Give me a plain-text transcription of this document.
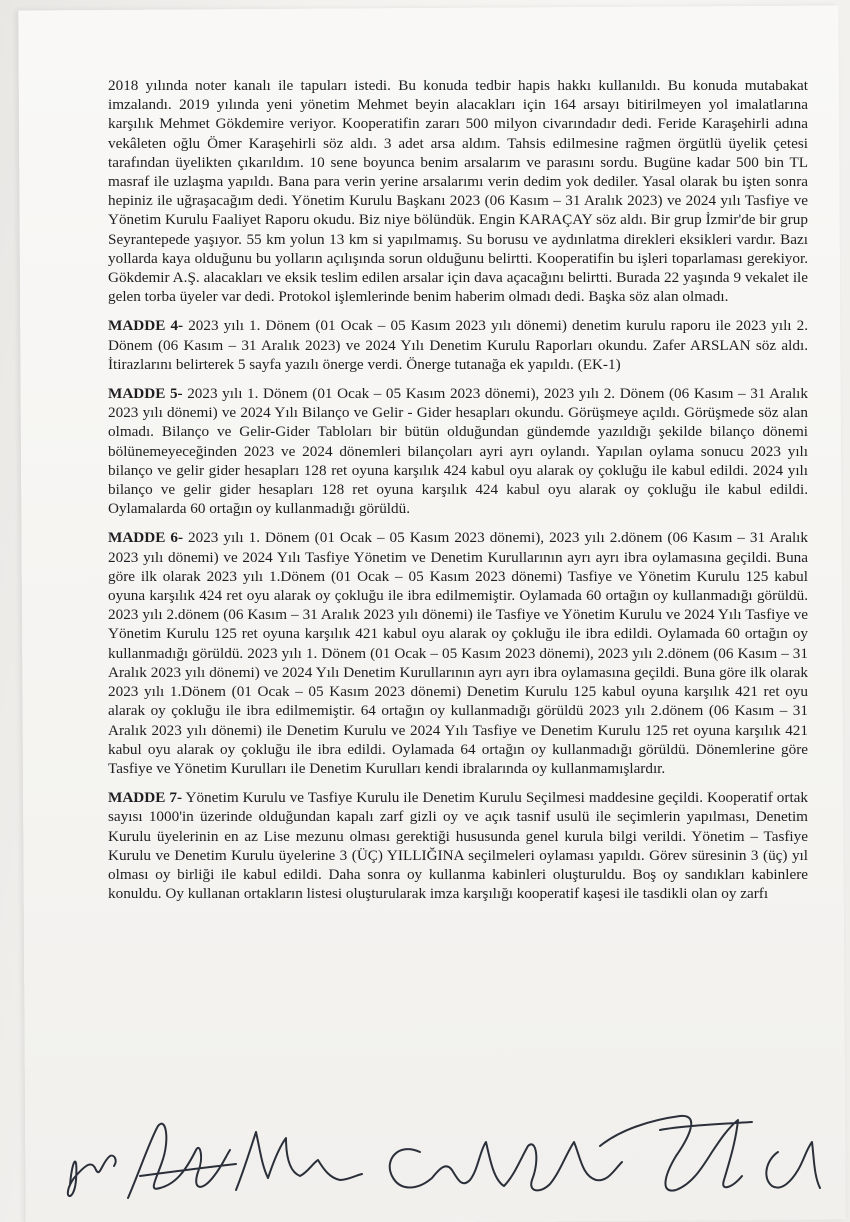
2018 yılında noter kanalı ile tapuları istedi. Bu konuda tedbir hapis hakkı kullanıldı. Bu konuda mutabakat imzalandı. 2019 yılında yeni yönetim Mehmet beyin alacakları için 164 arsayı bitirilmeyen yol imalatlarına karşılık Mehmet Gökdemire veriyor. Kooperatifin zararı 500 milyon civarındadır dedi. Feride Karaşehirli adına vekâleten oğlu Ömer Karaşehirli söz aldı. 3 adet arsa aldım. Tahsis edilmesine rağmen örgütlü üyelik çetesi tarafından üyelikten çıkarıldım. 10 sene boyunca benim arsalarım ve parasını sordu. Bugüne kadar 500 bin TL masraf ile uzlaşma yapıldı. Bana para verin yerine arsalarımı verin dedim yok dediler. Yasal olarak bu işten sonra hepiniz ile uğraşacağım dedi. Yönetim Kurulu Başkanı 2023 (06 Kasım – 31 Aralık 2023) ve 2024 yılı Tasfiye ve Yönetim Kurulu Faaliyet Raporu okudu. Biz niye bölündük. Engin KARAÇAY söz aldı. Bir grup İzmir'de bir grup Seyrantepede yaşıyor. 55 km yolun 13 km si yapılmamış. Su borusu ve aydınlatma direkleri eksikleri vardır. Bazı yollarda kaya olduğunu bu yolların açılışında sorun olduğunu belirtti. Kooperatifin bu işleri toparlaması gerekiyor. Gökdemir A.Ş. alacakları ve eksik teslim edilen arsalar için dava açacağını belirtti. Burada 22 yaşında 9 vekalet ile gelen torba üyeler var dedi. Protokol işlemlerinde benim haberim olmadı dedi. Başka söz alan olmadı.

MADDE 4- 2023 yılı 1. Dönem (01 Ocak – 05 Kasım 2023 yılı dönemi) denetim kurulu raporu ile 2023 yılı 2. Dönem (06 Kasım – 31 Aralık 2023) ve 2024 Yılı Denetim Kurulu Raporları okundu. Zafer ARSLAN söz aldı. İtirazlarını belirterek 5 sayfa yazılı önerge verdi. Önerge tutanağa ek yapıldı. (EK-1)

MADDE 5- 2023 yılı 1. Dönem (01 Ocak – 05 Kasım 2023 dönemi), 2023 yılı 2. Dönem (06 Kasım – 31 Aralık 2023 yılı dönemi) ve 2024 Yılı Bilanço ve Gelir - Gider hesapları okundu. Görüşmeye açıldı. Görüşmede söz alan olmadı. Bilanço ve Gelir-Gider Tabloları bir bütün olduğundan gündemde yazıldığı şekilde bilanço dönemi bölünemeyeceğinden 2023 ve 2024 dönemleri bilançoları ayri ayrı oylandı. Yapılan oylama sonucu 2023 yılı bilanço ve gelir gider hesapları 128 ret oyuna karşılık 424 kabul oyu alarak oy çokluğu ile kabul edildi. 2024 yılı bilanço ve gelir gider hesapları 128 ret oyuna karşılık 424 kabul oyu alarak oy çokluğu ile kabul edildi. Oylamalarda 60 ortağın oy kullanmadığı görüldü.

MADDE 6- 2023 yılı 1. Dönem (01 Ocak – 05 Kasım 2023 dönemi), 2023 yılı 2.dönem (06 Kasım – 31 Aralık 2023 yılı dönemi) ve 2024 Yılı Tasfiye Yönetim ve Denetim Kurullarının ayrı ayrı ibra oylamasına geçildi. Buna göre ilk olarak 2023 yılı 1.Dönem (01 Ocak – 05 Kasım 2023 dönemi) Tasfiye ve Yönetim Kurulu 125 kabul oyuna karşılık 424 ret oyu alarak oy çokluğu ile ibra edilmemiştir. Oylamada 60 ortağın oy kullanmadığı görüldü. 2023 yılı 2.dönem (06 Kasım – 31 Aralık 2023 yılı dönemi) ile Tasfiye ve Yönetim Kurulu ve 2024 Yılı Tasfiye ve Yönetim Kurulu 125 ret oyuna karşılık 421 kabul oyu alarak oy çokluğu ile ibra edildi. Oylamada 60 ortağın oy kullanmadığı görüldü. 2023 yılı 1. Dönem (01 Ocak – 05 Kasım 2023 dönemi), 2023 yılı 2.dönem (06 Kasım – 31 Aralık 2023 yılı dönemi) ve 2024 Yılı Denetim Kurullarının ayrı ayrı ibra oylamasına geçildi. Buna göre ilk olarak 2023 yılı 1.Dönem (01 Ocak – 05 Kasım 2023 dönemi) Denetim Kurulu 125 kabul oyuna karşılık 421 ret oyu alarak oy çokluğu ile ibra edilmemiştir. 64 ortağın oy kullanmadığı görüldü 2023 yılı 2.dönem (06 Kasım – 31 Aralık 2023 yılı dönemi) ile Denetim Kurulu ve 2024 Yılı Tasfiye ve Denetim Kurulu 125 ret oyuna karşılık 421 kabul oyu alarak oy çokluğu ile ibra edildi. Oylamada 64 ortağın oy kullanmadığı görüldü. Dönemlerine göre Tasfiye ve Yönetim Kurulları ile Denetim Kurulları kendi ibralarında oy kullanmamışlardır.

MADDE 7- Yönetim Kurulu ve Tasfiye Kurulu ile Denetim Kurulu Seçilmesi maddesine geçildi. Kooperatif ortak sayısı 1000'in üzerinde olduğundan kapalı zarf gizli oy ve açık tasnif usulü ile seçimlerin yapılması, Denetim Kurulu üyelerinin en az Lise mezunu olması gerektiği hususunda genel kurula bilgi verildi. Yönetim – Tasfiye Kurulu ve Denetim Kurulu üyelerine 3 (ÜÇ) YILLIĞINA seçilmeleri oylaması yapıldı. Görev süresinin 3 (üç) yıl olması oy birliği ile kabul edildi. Daha sonra oy kullanma kabinleri oluşturuldu. Boş oy sandıkları kabinlere konuldu. Oy kullanan ortakların listesi oluşturularak imza karşılığı kooperatif kaşesi ile tasdikli olan oy zarfı
